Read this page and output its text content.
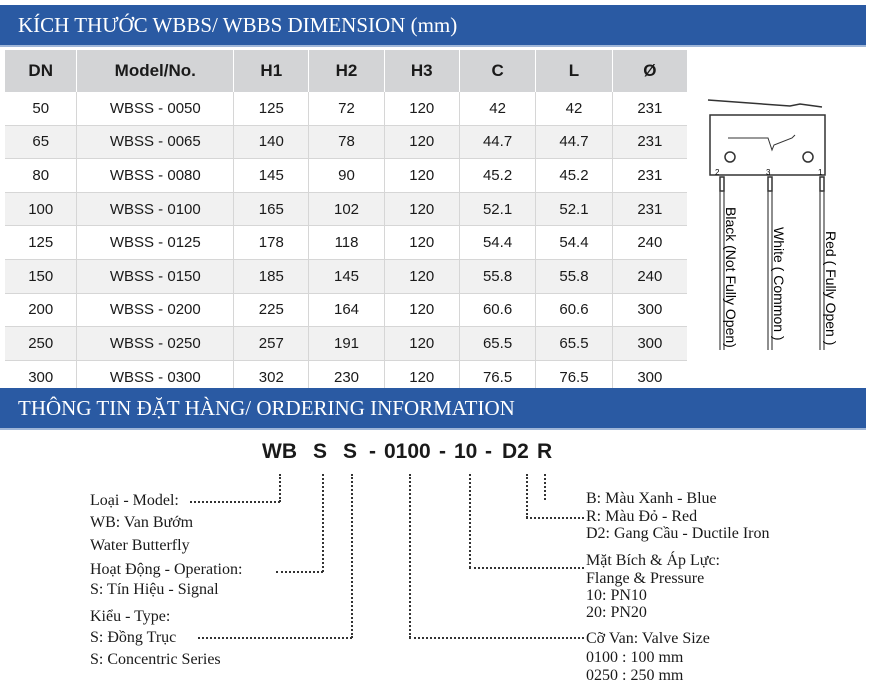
KÍCH THƯỚC WBBS/ WBBS DIMENSION (mm)
DN	Model/No.	H1	H2	H3	C	L	Ø
50	WBSS - 0050	125	72	120	42	42	231
65	WBSS - 0065	140	78	120	44.7	44.7	231
80	WBSS - 0080	145	90	120	45.2	45.2	231
100	WBSS - 0100	165	102	120	52.1	52.1	231
125	WBSS - 0125	178	118	120	54.4	54.4	240
150	WBSS - 0150	185	145	120	55.8	55.8	240
200	WBSS - 0200	225	164	120	60.6	60.6	300
250	WBSS - 0250	257	191	120	65.5	65.5	300
300	WBSS - 0300	302	230	120	76.5	76.5	300
2	3	1
Black (Not Fully Open) White ( Common )	Red ( Fully Open )
THÔNG TIN ĐẶT HÀNG/ ORDERING INFORMATION
WB S S - 0100 - 10 - D2 R
Loại - Model:
WB: Van Bướm
Water Butterfly
Hoạt Động - Operation:
S: Tín Hiệu - Signal
Kiểu - Type:
S: Đồng Trục
S: Concentric Series
B: Màu Xanh - Blue
R: Màu Đỏ - Red
D2: Gang Cầu - Ductile Iron
Mặt Bích & Áp Lực:
Flange & Pressure
10: PN10
20: PN20
Cỡ Van: Valve Size
0100 : 100 mm
0250 : 250 mm
